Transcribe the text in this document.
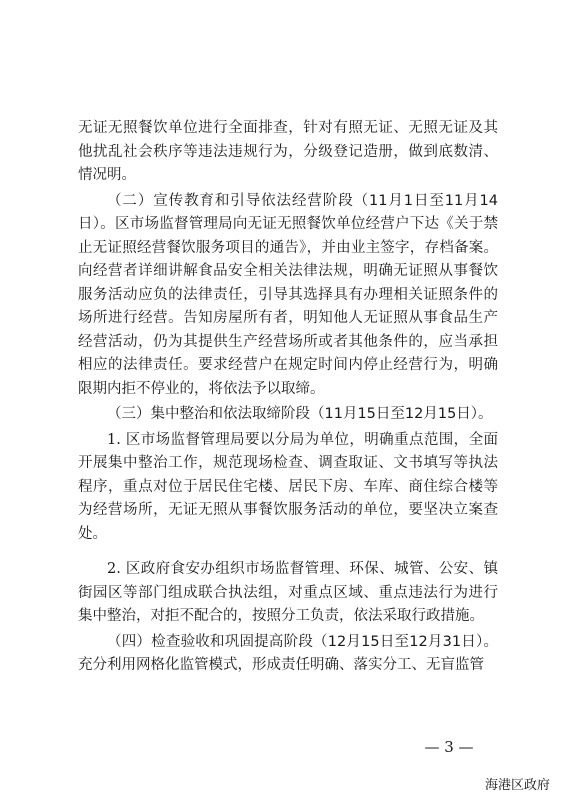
无证无照餐饮单位进行全面排查，针对有照无证、无照无证及其他扰乱社会秩序等违法违规行为，分级登记造册，做到底数清、情况明。

（二）宣传教育和引导依法经营阶段（11月1日至11月14日）。区市场监督管理局向无证无照餐饮单位经营户下达《关于禁止无证照经营餐饮服务项目的通告》，并由业主签字，存档备案。向经营者详细讲解食品安全相关法律法规，明确无证照从事餐饮服务活动应负的法律责任，引导其选择具有办理相关证照条件的场所进行经营。告知房屋所有者，明知他人无证照从事食品生产经营活动，仍为其提供生产经营场所或者其他条件的，应当承担相应的法律责任。要求经营户在规定时间内停止经营行为，明确限期内拒不停业的，将依法予以取缔。

（三）集中整治和依法取缔阶段（11月15日至12月15日）。

1. 区市场监督管理局要以分局为单位，明确重点范围，全面开展集中整治工作，规范现场检查、调查取证、文书填写等执法程序，重点对位于居民住宅楼、居民下房、车库、商住综合楼等为经营场所，无证无照从事餐饮服务活动的单位，要坚决立案查处。

2. 区政府食安办组织市场监督管理、环保、城管、公安、镇街园区等部门组成联合执法组，对重点区域、重点违法行为进行集中整治，对拒不配合的，按照分工负责，依法采取行政措施。

（四）检查验收和巩固提高阶段（12月15日至12月31日）。充分利用网格化监管模式，形成责任明确、落实分工、无盲监管

— 3 —
海港区政府
